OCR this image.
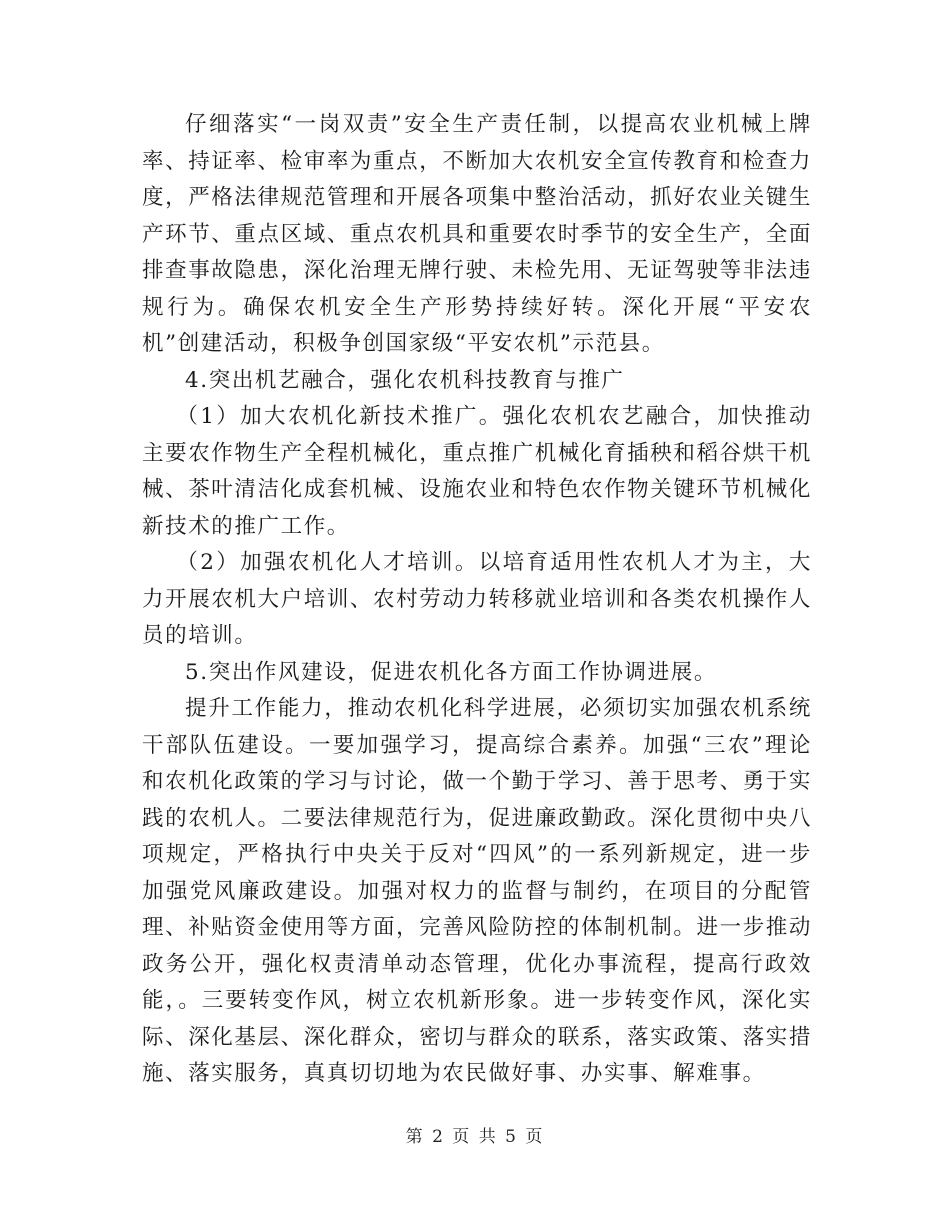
仔细落实“一岗双责”安全生产责任制，以提高农业机械上牌率、持证率、检审率为重点，不断加大农机安全宣传教育和检查力度，严格法律规范管理和开展各项集中整治活动，抓好农业关键生产环节、重点区域、重点农机具和重要农时季节的安全生产，全面排查事故隐患，深化治理无牌行驶、未检先用、无证驾驶等非法违规行为。确保农机安全生产形势持续好转。深化开展“平安农机”创建活动，积极争创国家级“平安农机”示范县。

4.突出机艺融合，强化农机科技教育与推广

（1）加大农机化新技术推广。强化农机农艺融合，加快推动主要农作物生产全程机械化，重点推广机械化育插秧和稻谷烘干机械、茶叶清洁化成套机械、设施农业和特色农作物关键环节机械化新技术的推广工作。

（2）加强农机化人才培训。以培育适用性农机人才为主，大力开展农机大户培训、农村劳动力转移就业培训和各类农机操作人员的培训。

5.突出作风建设，促进农机化各方面工作协调进展。

提升工作能力，推动农机化科学进展，必须切实加强农机系统干部队伍建设。一要加强学习，提高综合素养。加强“三农”理论和农机化政策的学习与讨论，做一个勤于学习、善于思考、勇于实践的农机人。二要法律规范行为，促进廉政勤政。深化贯彻中央八项规定，严格执行中央关于反对“四风”的一系列新规定，进一步加强党风廉政建设。加强对权力的监督与制约，在项目的分配管理、补贴资金使用等方面，完善风险防控的体制机制。进一步推动政务公开，强化权责清单动态管理，优化办事流程，提高行政效能，。三要转变作风，树立农机新形象。进一步转变作风，深化实际、深化基层、深化群众，密切与群众的联系，落实政策、落实措施、落实服务，真真切切地为农民做好事、办实事、解难事。

第 2 页 共 5 页
